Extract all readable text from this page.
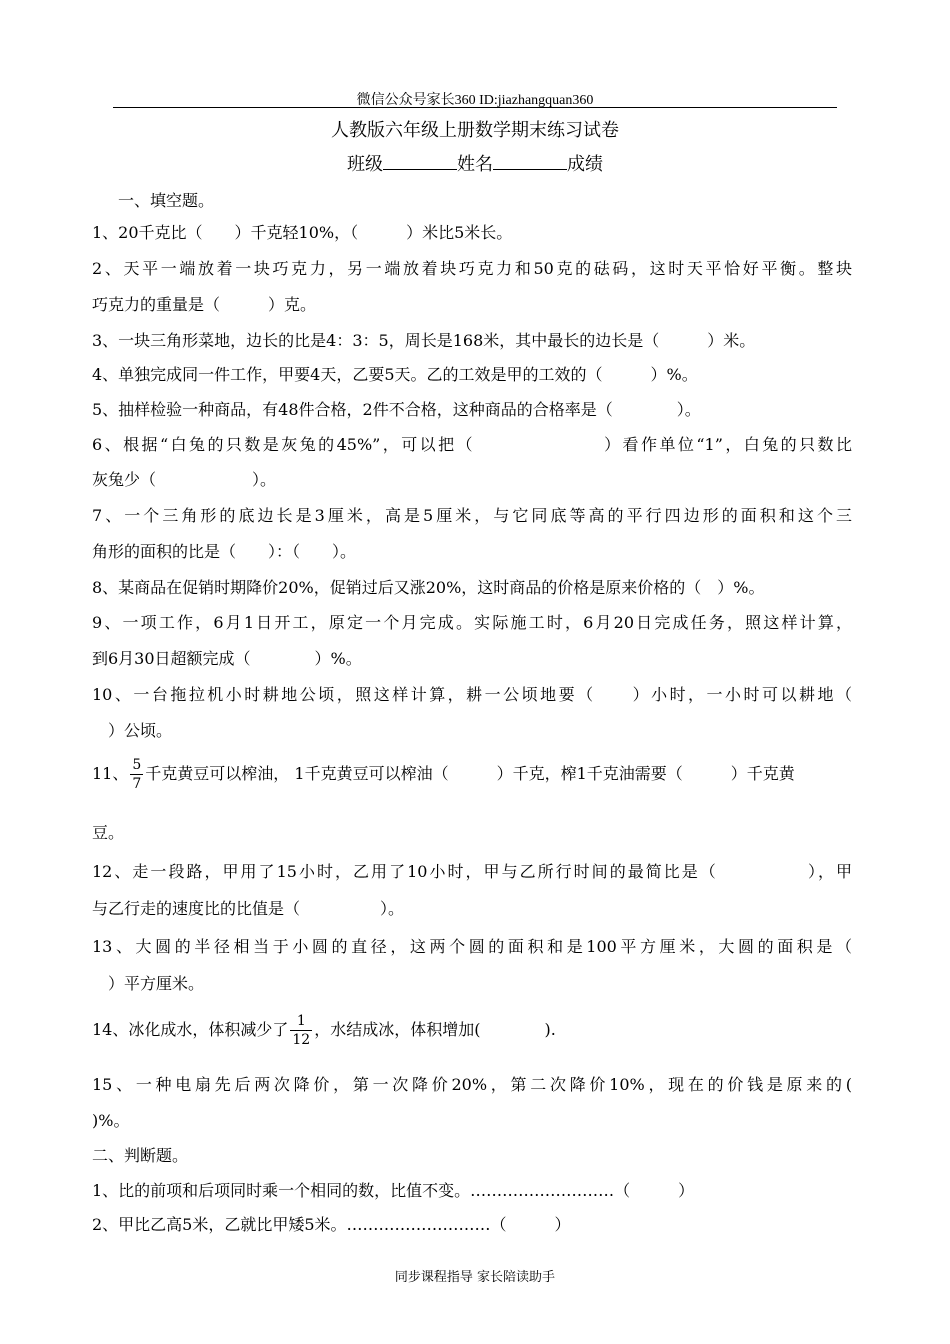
微信公众号家长360 ID:jiazhangquan360
人教版六年级上册数学期末练习试卷
班级	姓名	成绩
一、填空题。
1、20千克比（　　）千克轻10%，（　　　）米比5米长。
2、天平一端放着一块巧克力，另一端放着块巧克力和50克的砝码，这时天平恰好平衡。整块
巧克力的重量是（　　　）克。
3、一块三角形菜地，边长的比是4：3：5，周长是168米，其中最长的边长是（　　　）米。
4、单独完成同一件工作，甲要4天，乙要5天。乙的工效是甲的工效的（　　　）%。
5、抽样检验一种商品，有48件合格，2件不合格，这种商品的合格率是（　　　　）。
6、根据“白兔的只数是灰兔的45%”，可以把（　　　　　　　）看作单位“1”，白兔的只数比
灰兔少（　　　　　　）。
7、一个三角形的底边长是3厘米，高是5厘米，与它同底等高的平行四边形的面积和这个三
角形的面积的比是（　　）：（　　）。
8、某商品在促销时期降价20%，促销过后又涨20%，这时商品的价格是原来价格的（　）%。
9、一项工作，6月1日开工，原定一个月完成。实际施工时，6月20日完成任务，照这样计算，
到6月30日超额完成（　　　　）%。
10、一台拖拉机小时耕地公顷，照这样计算，耕一公顷地要（　　）小时，一小时可以耕地（
　）公顷。
11、 $\frac{5}{7}$ 千克黄豆可以榨油， 1千克黄豆可以榨油（　　　）千克，榨1千克油需要（　　　）千克黄
豆。
12、走一段路，甲用了15小时，乙用了10小时，甲与乙所行时间的最简比是（　　　　　），甲
与乙行走的速度比的比值是（　　　　　）。
13、大圆的半径相当于小圆的直径，这两个圆的面积和是100平方厘米，大圆的面积是（
　）平方厘米。
14、冰化成水，体积减少了 $\frac{1}{12}$ ，水结成冰，体积增加(　　　　).
15、一种电扇先后两次降价，第一次降价20%，第二次降价10%，现在的价钱是原来的(
)%。
二、判断题。
1、比的前项和后项同时乘一个相同的数，比值不变。………………………（　　　）
2、甲比乙高5米，乙就比甲矮5米。………………………（　　　）
同步课程指导 家长陪读助手
